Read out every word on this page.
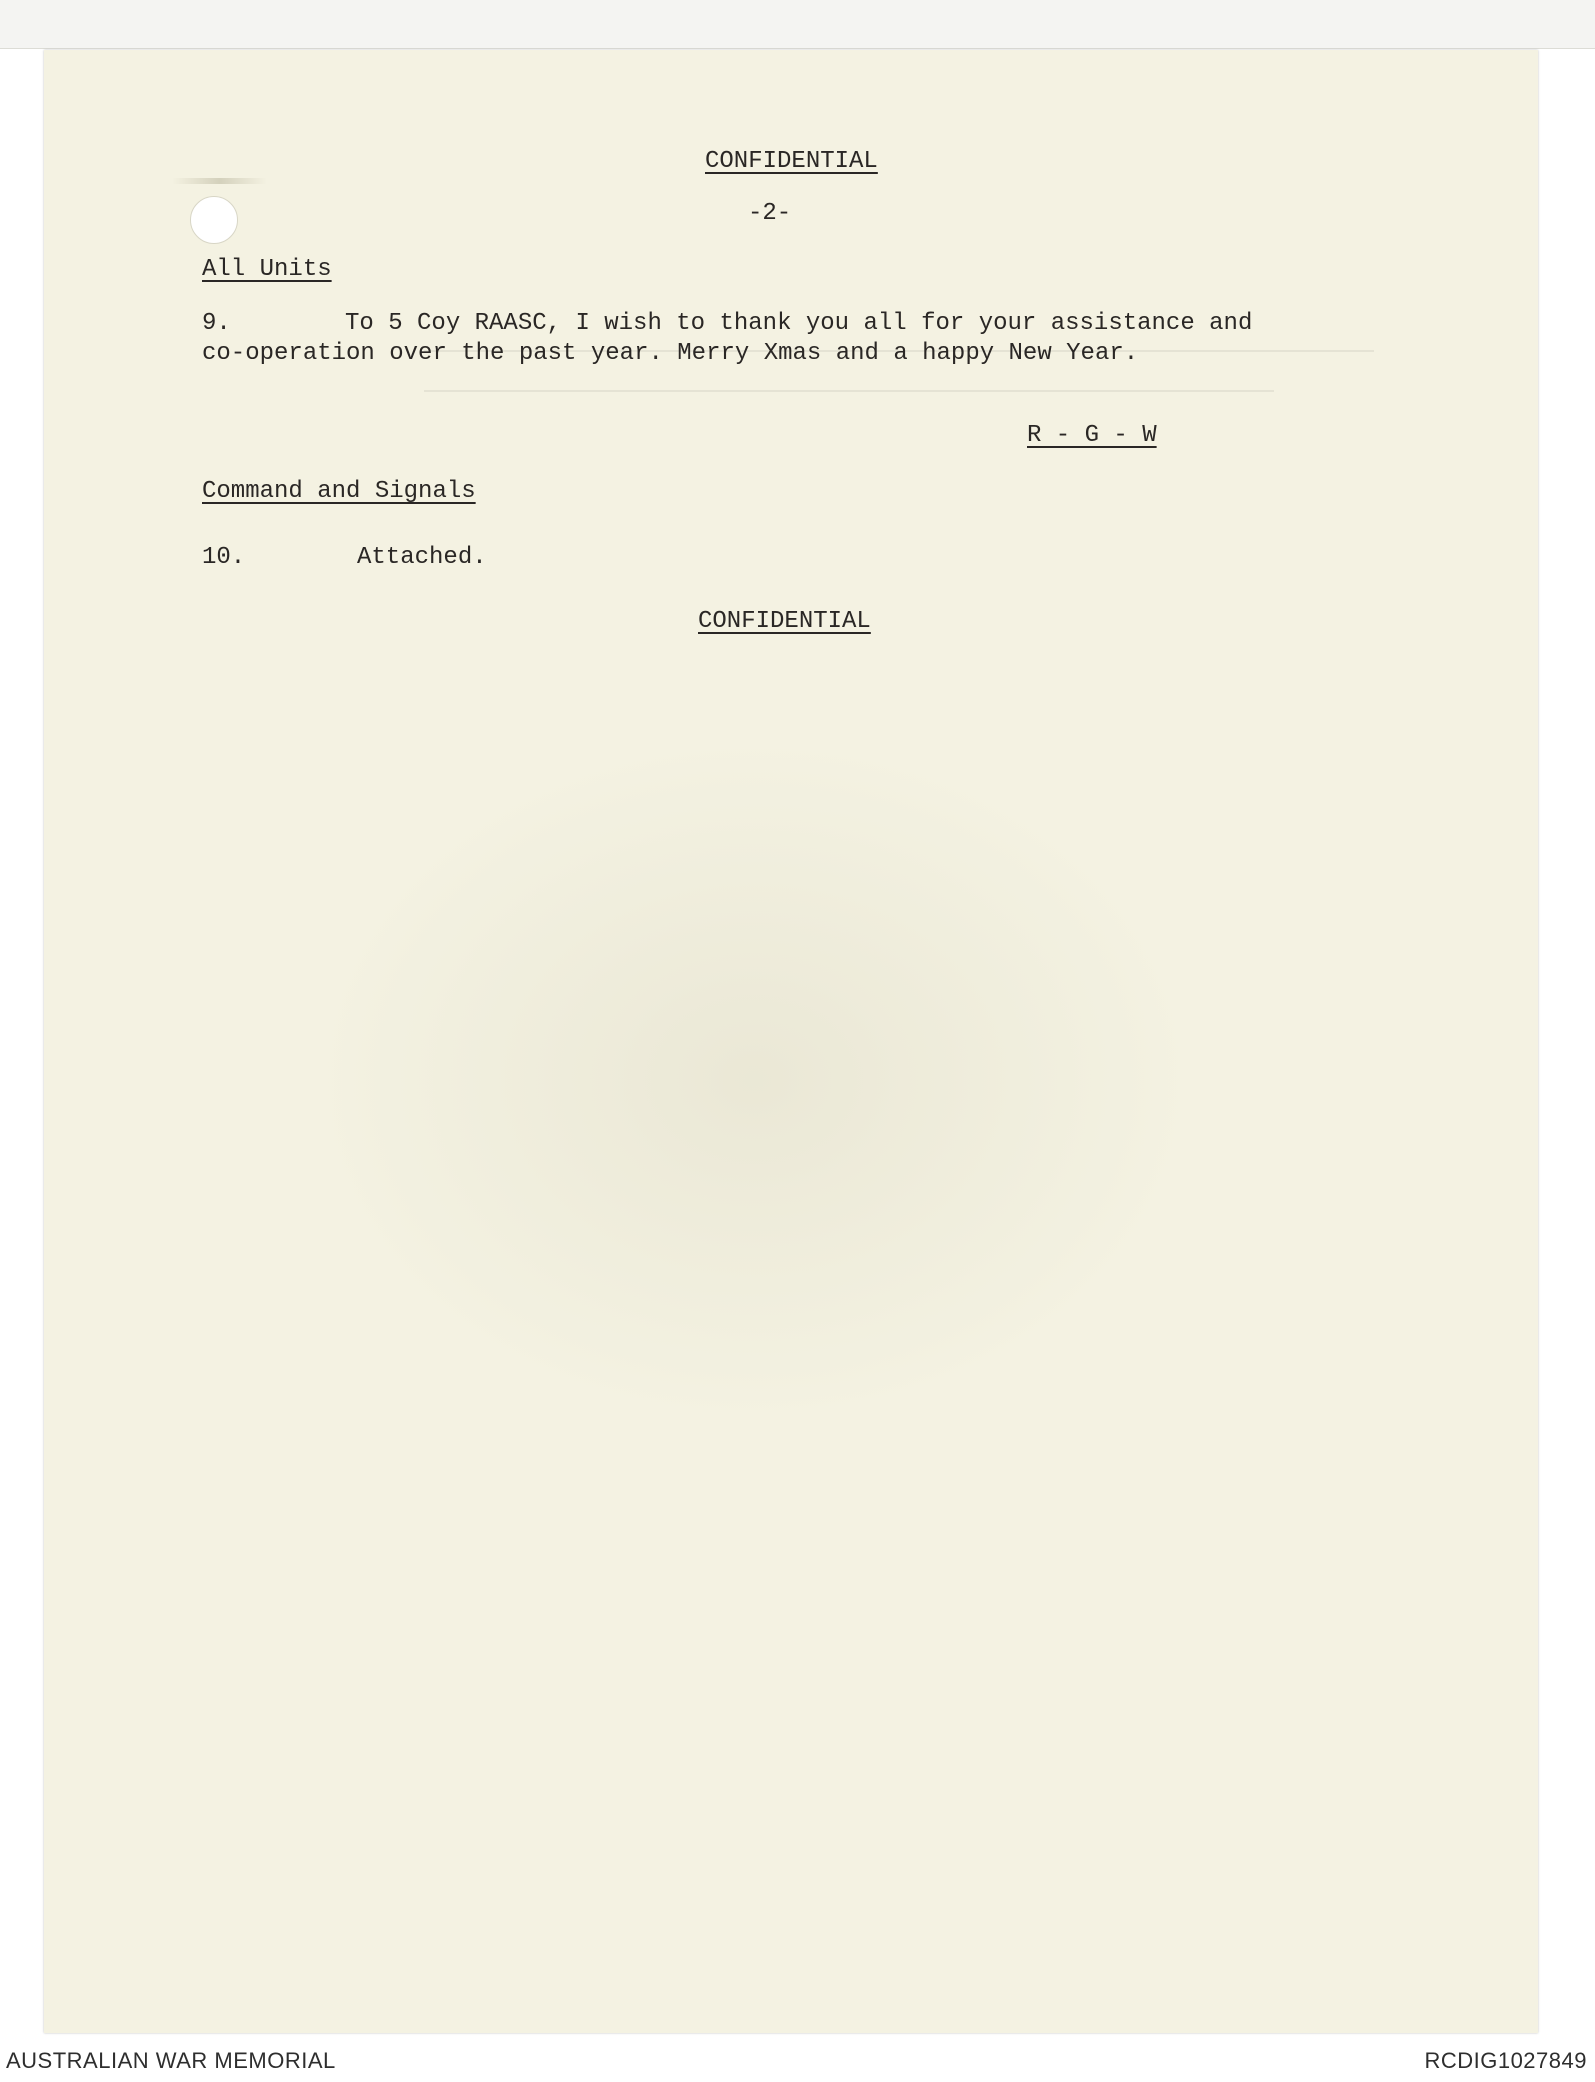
CONFIDENTIAL
-2-
All Units
9.	To 5 Coy RAASC, I wish to thank you all for your assistance and
co-operation over the past year. Merry Xmas and a happy New Year.
R - G - W
Command and Signals
10.	Attached.
CONFIDENTIAL
AUSTRALIAN WAR MEMORIAL	RCDIG1027849
